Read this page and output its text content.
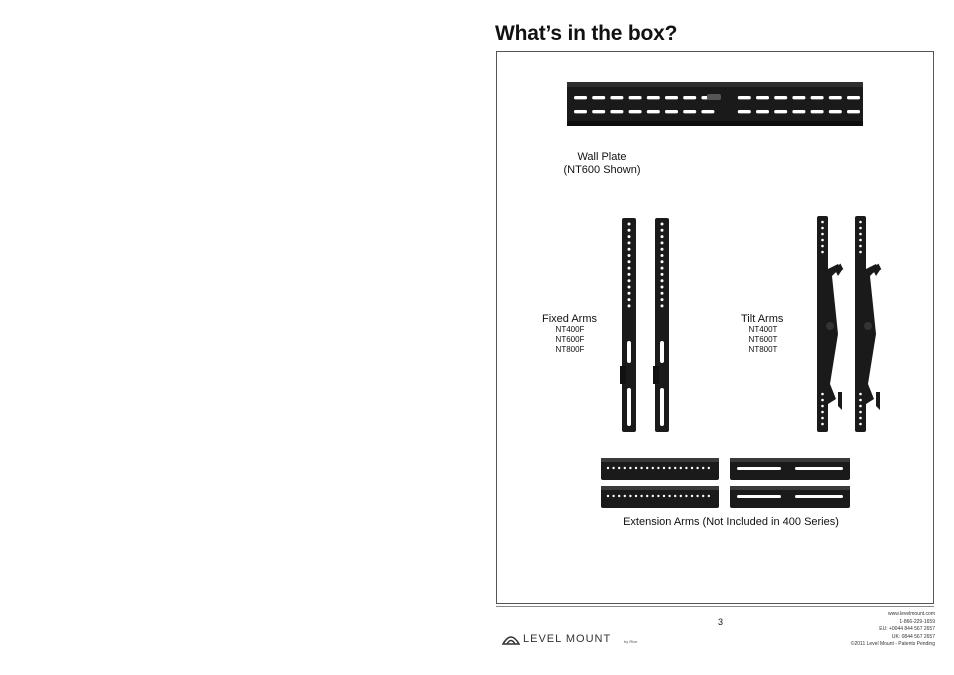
What’s in the box?
Wall Plate
(NT600 Shown)
Fixed Arms
NT400F
NT600F
NT800F
Tilt Arms
NT400T
NT600T
NT800T
Extension Arms (Not Included in 400 Series)
3
LEVEL MOUNT	by Rive
www.levelmount.com
1-866-229-1659
EU: +0044 844 567 2657
UK: 0844 567 2657
©2011 Level Mount - Patents Pending
